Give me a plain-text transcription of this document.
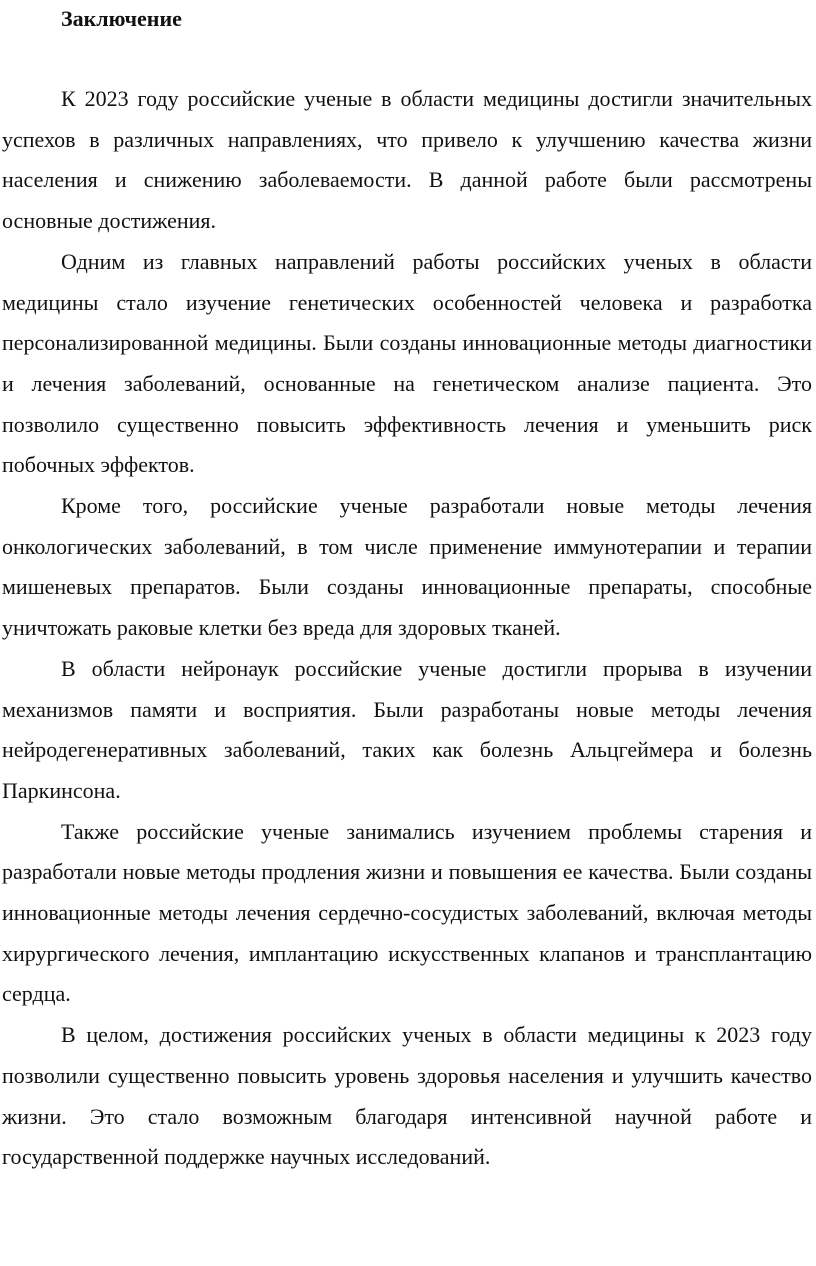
Заключение

К 2023 году российские ученые в области медицины достигли значительных успехов в различных направлениях, что привело к улучшению качества жизни населения и снижению заболеваемости. В данной работе были рассмотрены основные достижения.

Одним из главных направлений работы российских ученых в области медицины стало изучение генетических особенностей человека и разработка персонализированной медицины. Были созданы инновационные методы диагностики и лечения заболеваний, основанные на генетическом анализе пациента. Это позволило существенно повысить эффективность лечения и уменьшить риск побочных эффектов.

Кроме того, российские ученые разработали новые методы лечения онкологических заболеваний, в том числе применение иммунотерапии и терапии мишеневых препаратов. Были созданы инновационные препараты, способные уничтожать раковые клетки без вреда для здоровых тканей.

В области нейронаук российские ученые достигли прорыва в изучении механизмов памяти и восприятия. Были разработаны новые методы лечения нейродегенеративных заболеваний, таких как болезнь Альцгеймера и болезнь Паркинсона.

Также российские ученые занимались изучением проблемы старения и разработали новые методы продления жизни и повышения ее качества. Были созданы инновационные методы лечения сердечно-сосудистых заболеваний, включая методы хирургического лечения, имплантацию искусственных клапанов и трансплантацию сердца.

В целом, достижения российских ученых в области медицины к 2023 году позволили существенно повысить уровень здоровья населения и улучшить качество жизни. Это стало возможным благодаря интенсивной научной работе и государственной поддержке научных исследований.
